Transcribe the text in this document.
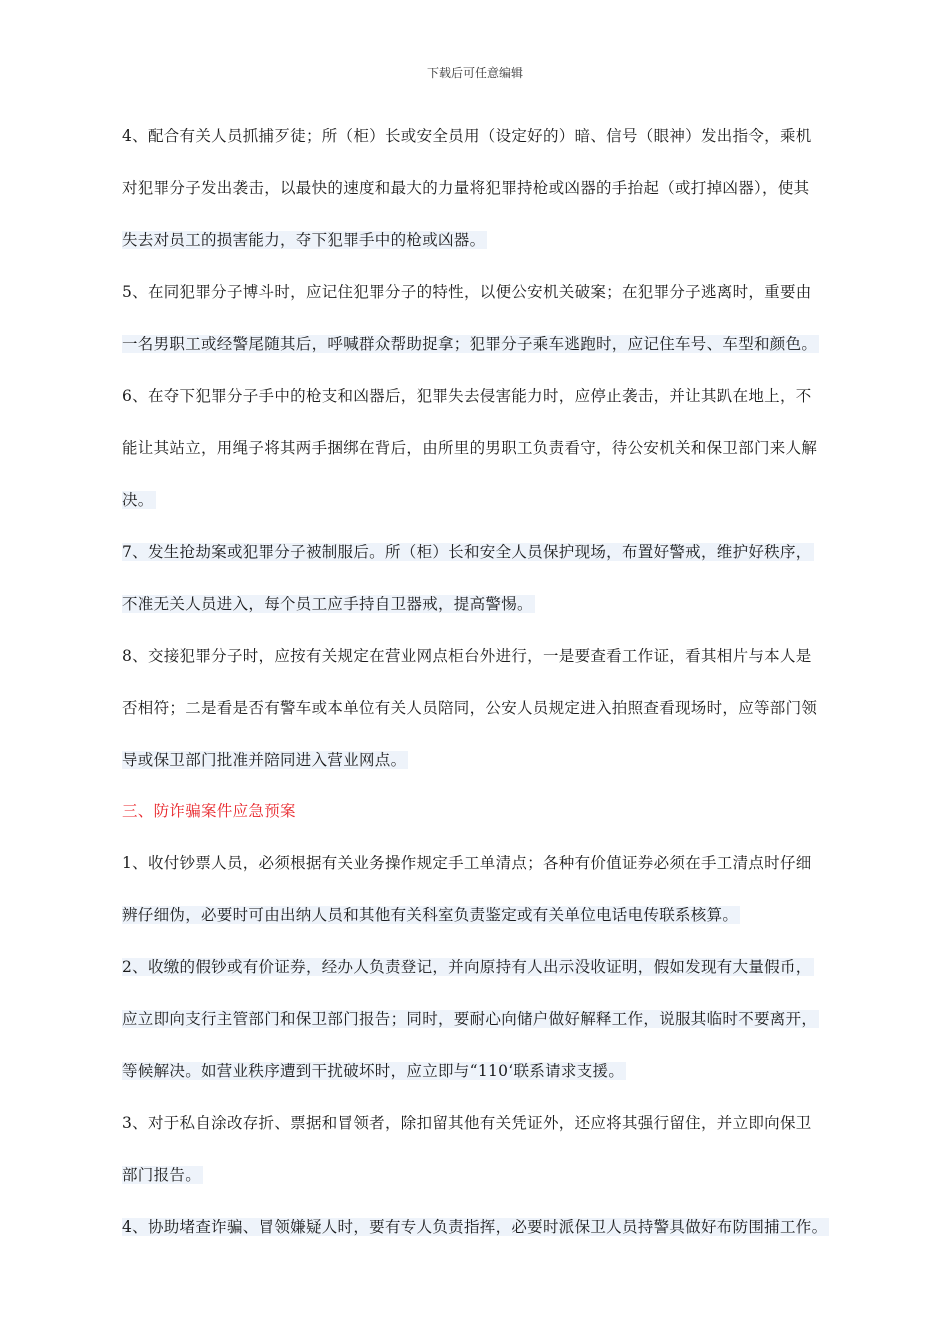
下载后可任意编辑
4、配合有关人员抓捕歹徒；所（柜）长或安全员用（设定好的）暗、信号（眼神）发出指令，乘机
对犯罪分子发出袭击，以最快的速度和最大的力量将犯罪持枪或凶器的手抬起（或打掉凶器），使其
失去对员工的损害能力，夺下犯罪手中的枪或凶器。
5、在同犯罪分子博斗时，应记住犯罪分子的特性，以便公安机关破案；在犯罪分子逃离时，重要由
一名男职工或经警尾随其后，呼喊群众帮助捉拿；犯罪分子乘车逃跑时，应记住车号、车型和颜色。
6、在夺下犯罪分子手中的枪支和凶器后，犯罪失去侵害能力时，应停止袭击，并让其趴在地上，不
能让其站立，用绳子将其两手捆绑在背后，由所里的男职工负责看守，待公安机关和保卫部门来人解
决。
7、发生抢劫案或犯罪分子被制服后。所（柜）长和安全人员保护现场，布置好警戒，维护好秩序，
不准无关人员进入，每个员工应手持自卫器戒，提高警惕。
8、交接犯罪分子时，应按有关规定在营业网点柜台外进行，一是要查看工作证，看其相片与本人是
否相符；二是看是否有警车或本单位有关人员陪同，公安人员规定进入拍照查看现场时，应等部门领
导或保卫部门批准并陪同进入营业网点。
三、防诈骗案件应急预案
1、收付钞票人员，必须根据有关业务操作规定手工单清点；各种有价值证券必须在手工清点时仔细
辨仔细伪，必要时可由出纳人员和其他有关科室负责鉴定或有关单位电话电传联系核算。
2、收缴的假钞或有价证券，经办人负责登记，并向原持有人出示没收证明，假如发现有大量假币，
应立即向支行主管部门和保卫部门报告；同时，要耐心向储户做好解释工作，说服其临时不要离开，
等候解决。如营业秩序遭到干扰破坏时，应立即与“110‘联系请求支援。
3、对于私自涂改存折、票据和冒领者，除扣留其他有关凭证外，还应将其强行留住，并立即向保卫
部门报告。
4、协助堵查诈骗、冒领嫌疑人时，要有专人负责指挥，必要时派保卫人员持警具做好布防围捕工作。
